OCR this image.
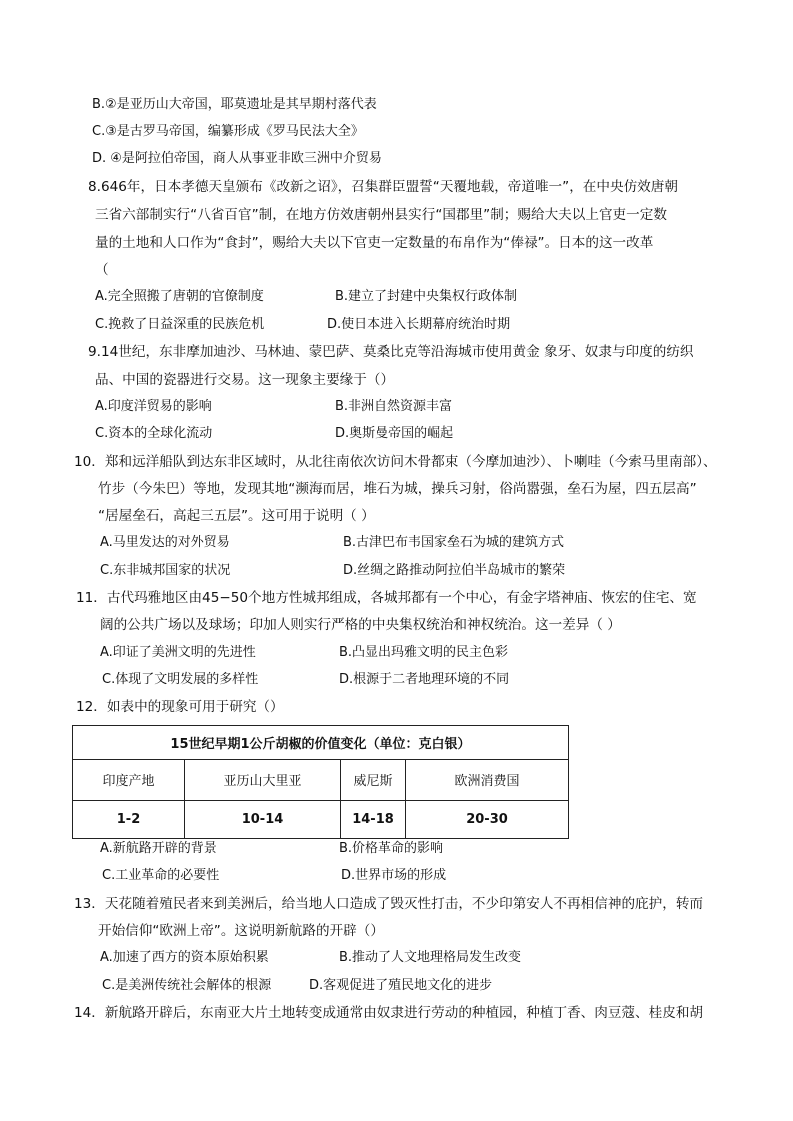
B.②是亚历山大帝国，耶莫遗址是其早期村落代表
C.③是古罗马帝国，编纂形成《罗马民法大全》
D. ④是阿拉伯帝国，商人从事亚非欧三洲中介贸易
8.646年，日本孝德天皇颁布《改新之诏》，召集群臣盟誓“天覆地载，帝道唯一”，在中央仿效唐朝
三省六部制实行“八省百官”制，在地方仿效唐朝州县实行“国郡里”制；赐给大夫以上官吏一定数
量的土地和人口作为“食封”，赐给大夫以下官吏一定数量的布帛作为“俸禄”。日本的这一改革
（
A.完全照搬了唐朝的官僚制度	B.建立了封建中央集权行政体制
C.挽救了日益深重的民族危机	D.使日本进入长期幕府统治时期
9.14世纪，东非摩加迪沙、马林迪、蒙巴萨、莫桑比克等沿海城市使用黄金 象牙、奴隶与印度的纺织
品、中国的瓷器进行交易。这一现象主要缘于（）
A.印度洋贸易的影响	B.非洲自然资源丰富
C.资本的全球化流动	D.奥斯曼帝国的崛起
10．郑和远洋船队到达东非区域时，从北往南依次访问木骨都束（今摩加迪沙）、卜喇哇（今索马里南部）、
竹步（今朱巴）等地，发现其地“濒海而居，堆石为城，操兵习射，俗尚嚣强，垒石为屋，四五层高”
“居屋垒石，高起三五层”。这可用于说明（ ）
A.马里发达的对外贸易	B.古津巴布韦国家垒石为城的建筑方式
C.东非城邦国家的状况	D.丝绸之路推动阿拉伯半岛城市的繁荣
11．古代玛雅地区由45−50个地方性城邦组成，各城邦都有一个中心，有金字塔神庙、恢宏的住宅、宽
阔的公共广场以及球场；印加人则实行严格的中央集权统治和神权统治。这一差异（ ）
A.印证了美洲文明的先进性	B.凸显出玛雅文明的民主色彩
C.体现了文明发展的多样性	D.根源于二者地理环境的不同
12．如表中的现象可用于研究（）
15世纪早期1公斤胡椒的价值变化（单位：克白银）			
印度产地	亚历山大里亚	威尼斯	欧洲消费国
1-2	10-14	14-18	20-30
A.新航路开辟的背景	B.价格革命的影响
C.工业革命的必要性	D.世界市场的形成
13．天花随着殖民者来到美洲后，给当地人口造成了毁灭性打击，不少印第安人不再相信神的庇护，转而
开始信仰“欧洲上帝”。这说明新航路的开辟（）
A.加速了西方的资本原始积累	B.推动了人文地理格局发生改变
C.是美洲传统社会解体的根源	D.客观促进了殖民地文化的进步
14．新航路开辟后，东南亚大片土地转变成通常由奴隶进行劳动的种植园，种植丁香、肉豆蔻、桂皮和胡
